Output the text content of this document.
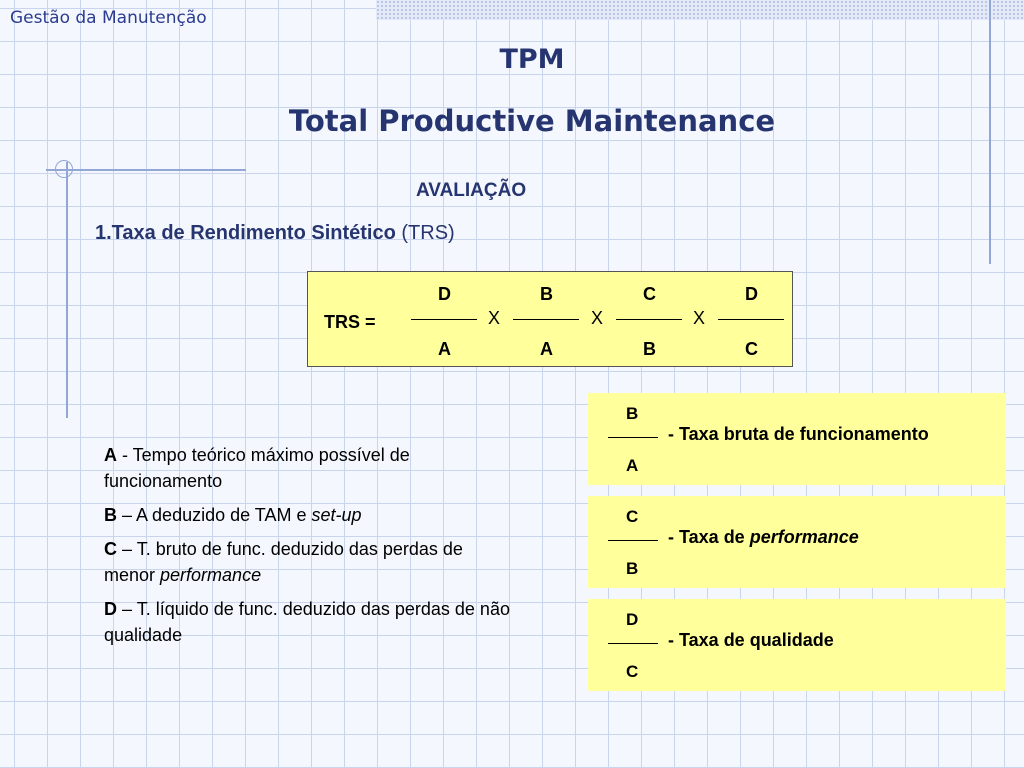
Gestão da Manutenção
TPM
Total Productive Maintenance
AVALIAÇÃO
1.Taxa de Rendimento Sintético (TRS)
TRS =
D
A
X
B
A
X
C
B
X
D
C

A - Tempo teórico máximo possível de funcionamento

B – A deduzido de TAM e set-up

C – T. bruto de func. deduzido das perdas de menor performance

D – T. líquido de func. deduzido das perdas de não qualidade

B
A
- Taxa bruta de funcionamento
C
B
- Taxa de performance
D
C
- Taxa de qualidade
